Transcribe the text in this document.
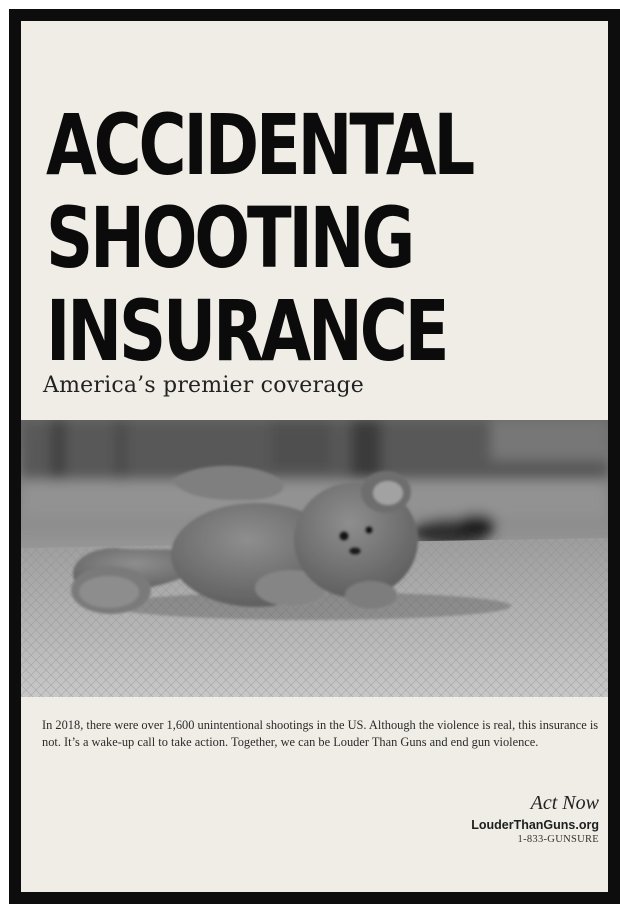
ACCIDENTAL
SHOOTING
INSURANCE

America’s premier coverage

In 2018, there were over 1,600 unintentional shootings in the US. Although the violence is real, this insurance is not. It’s a wake-up call to take action. Together, we can be Louder Than Guns and end gun violence.

Act Now
LouderThanGuns.org
1-833-GUNSURE
